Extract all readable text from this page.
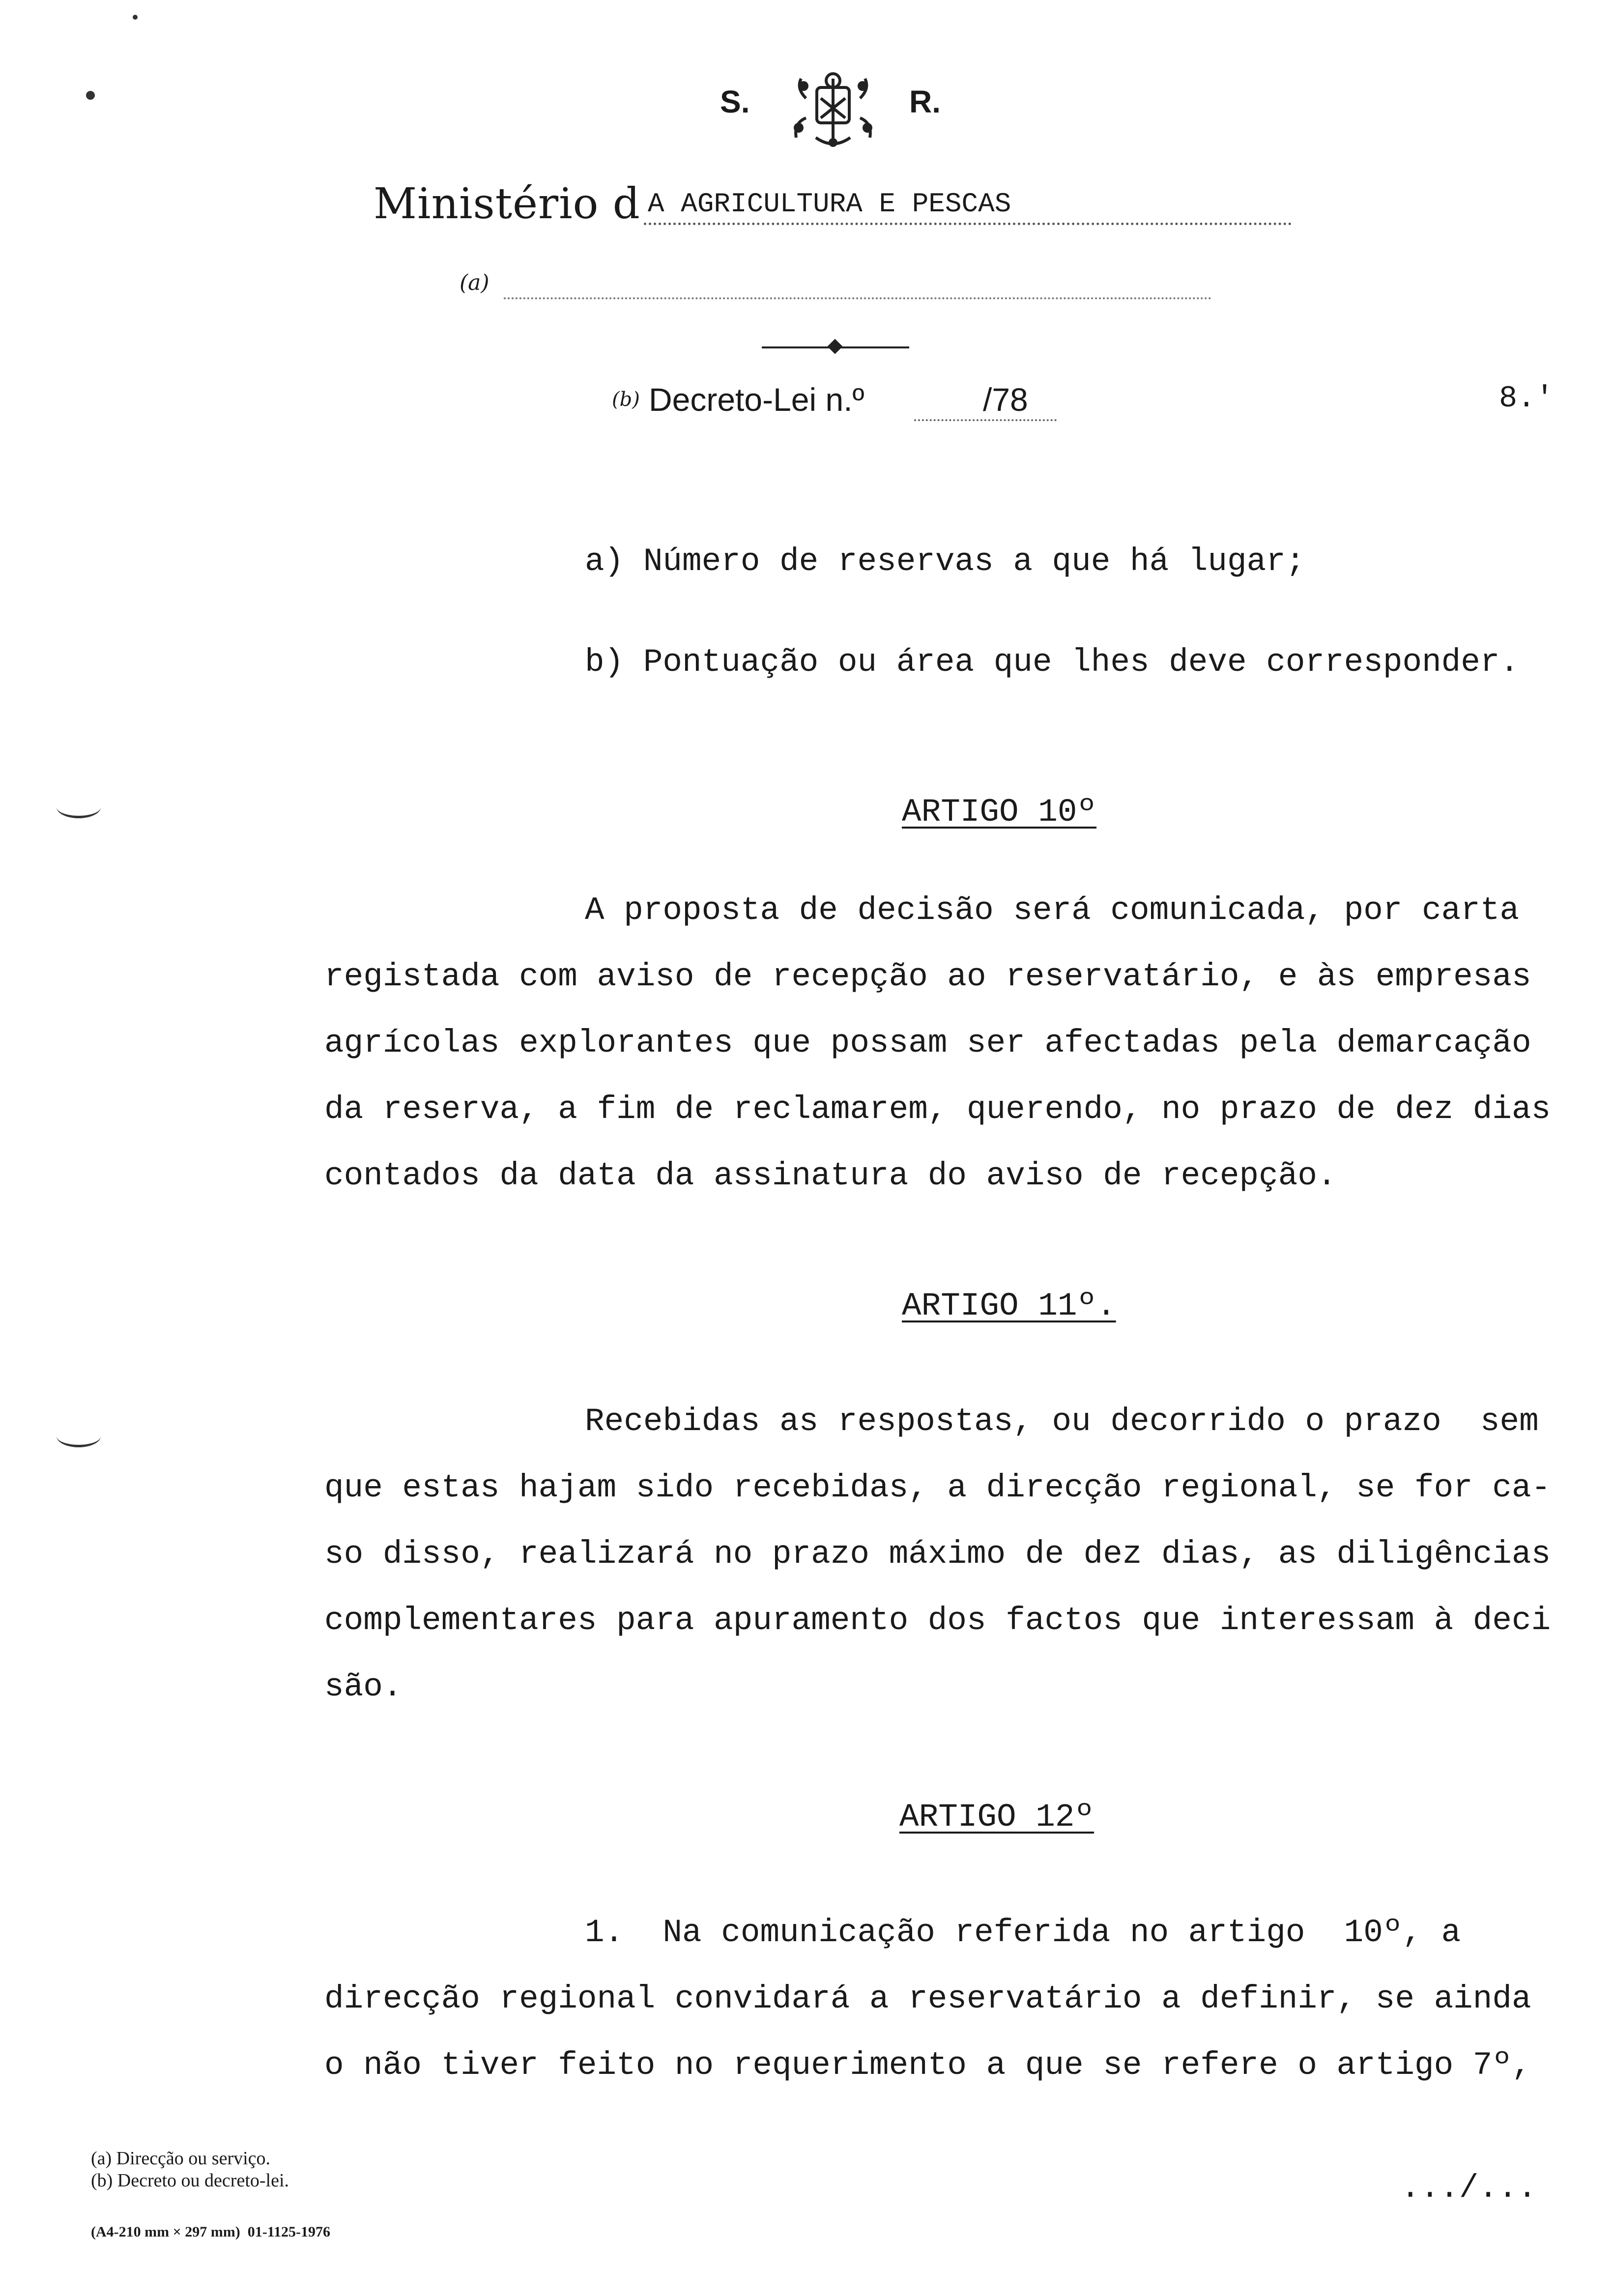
S.	R.
Ministério d A AGRICULTURA E PESCAS
(a)
(b) Decreto-Lei n.º	/78	8.'
a) Número de reservas a que há lugar;
b) Pontuação ou área que lhes deve corresponder.
ARTIGO 10º
A proposta de decisão será comunicada, por carta
registada com aviso de recepção ao reservatário, e às empresas
agrícolas explorantes que possam ser afectadas pela demarcação
da reserva, a fim de reclamarem, querendo, no prazo de dez dias
contados da data da assinatura do aviso de recepção.
ARTIGO 11º.
Recebidas as respostas, ou decorrido o prazo  sem
que estas hajam sido recebidas, a direcção regional, se for ca-
so disso, realizará no prazo máximo de dez dias, as diligências
complementares para apuramento dos factos que interessam à deci
são.
ARTIGO 12º
1.  Na comunicação referida no artigo  10º, a
direcção regional convidará a reservatário a definir, se ainda
o não tiver feito no requerimento a que se refere o artigo 7º,
(a) Direcção ou serviço.
(b) Decreto ou decreto-lei.
(A4-210 mm × 297 mm)  01-1125-1976
.../...
